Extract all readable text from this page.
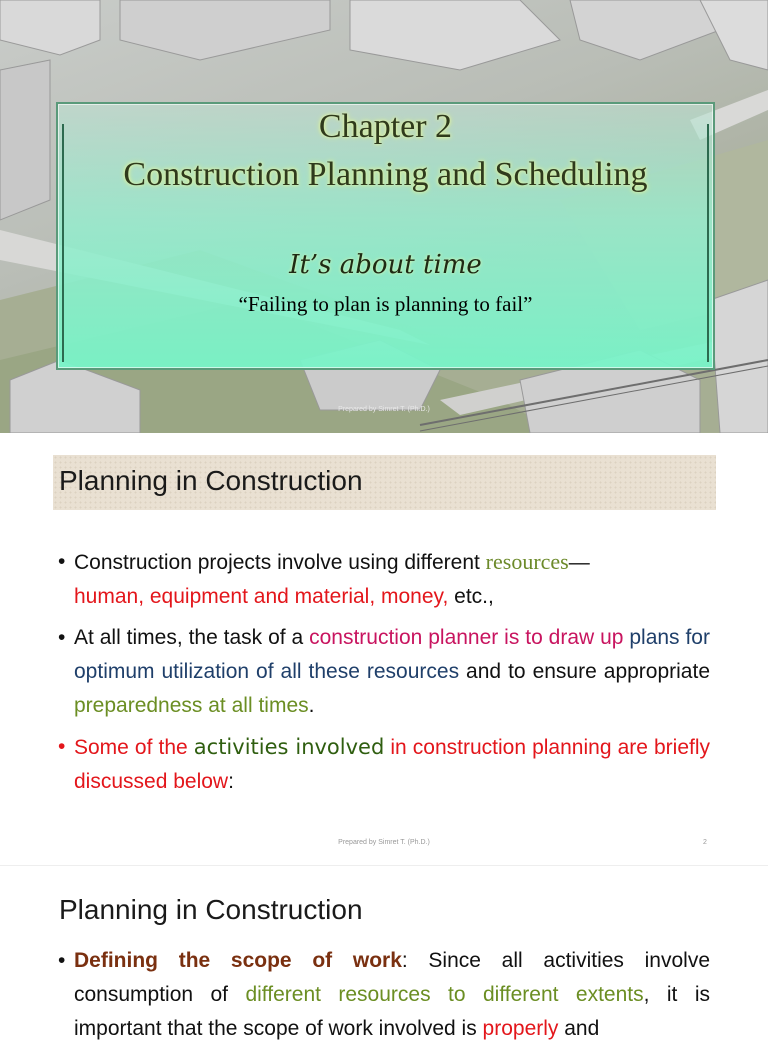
Chapter 2
Construction Planning and Scheduling
It’s about time
“Failing to plan is planning to fail”
Prepared by Simret T. (Ph.D.)
Planning in Construction
• Construction projects involve using different resources—
human, equipment and material, money, etc.,
• At all times, the task of a construction planner is to draw up plans for optimum utilization of all these resources and to ensure appropriate preparedness at all times.
• Some of the activities involved in construction planning are briefly discussed below:
Prepared by Simret T. (Ph.D.)	2
Planning in Construction
• Defining the scope of work: Since all activities involve consumption of different resources to different extents, it is important that the scope of work involved is properly and
